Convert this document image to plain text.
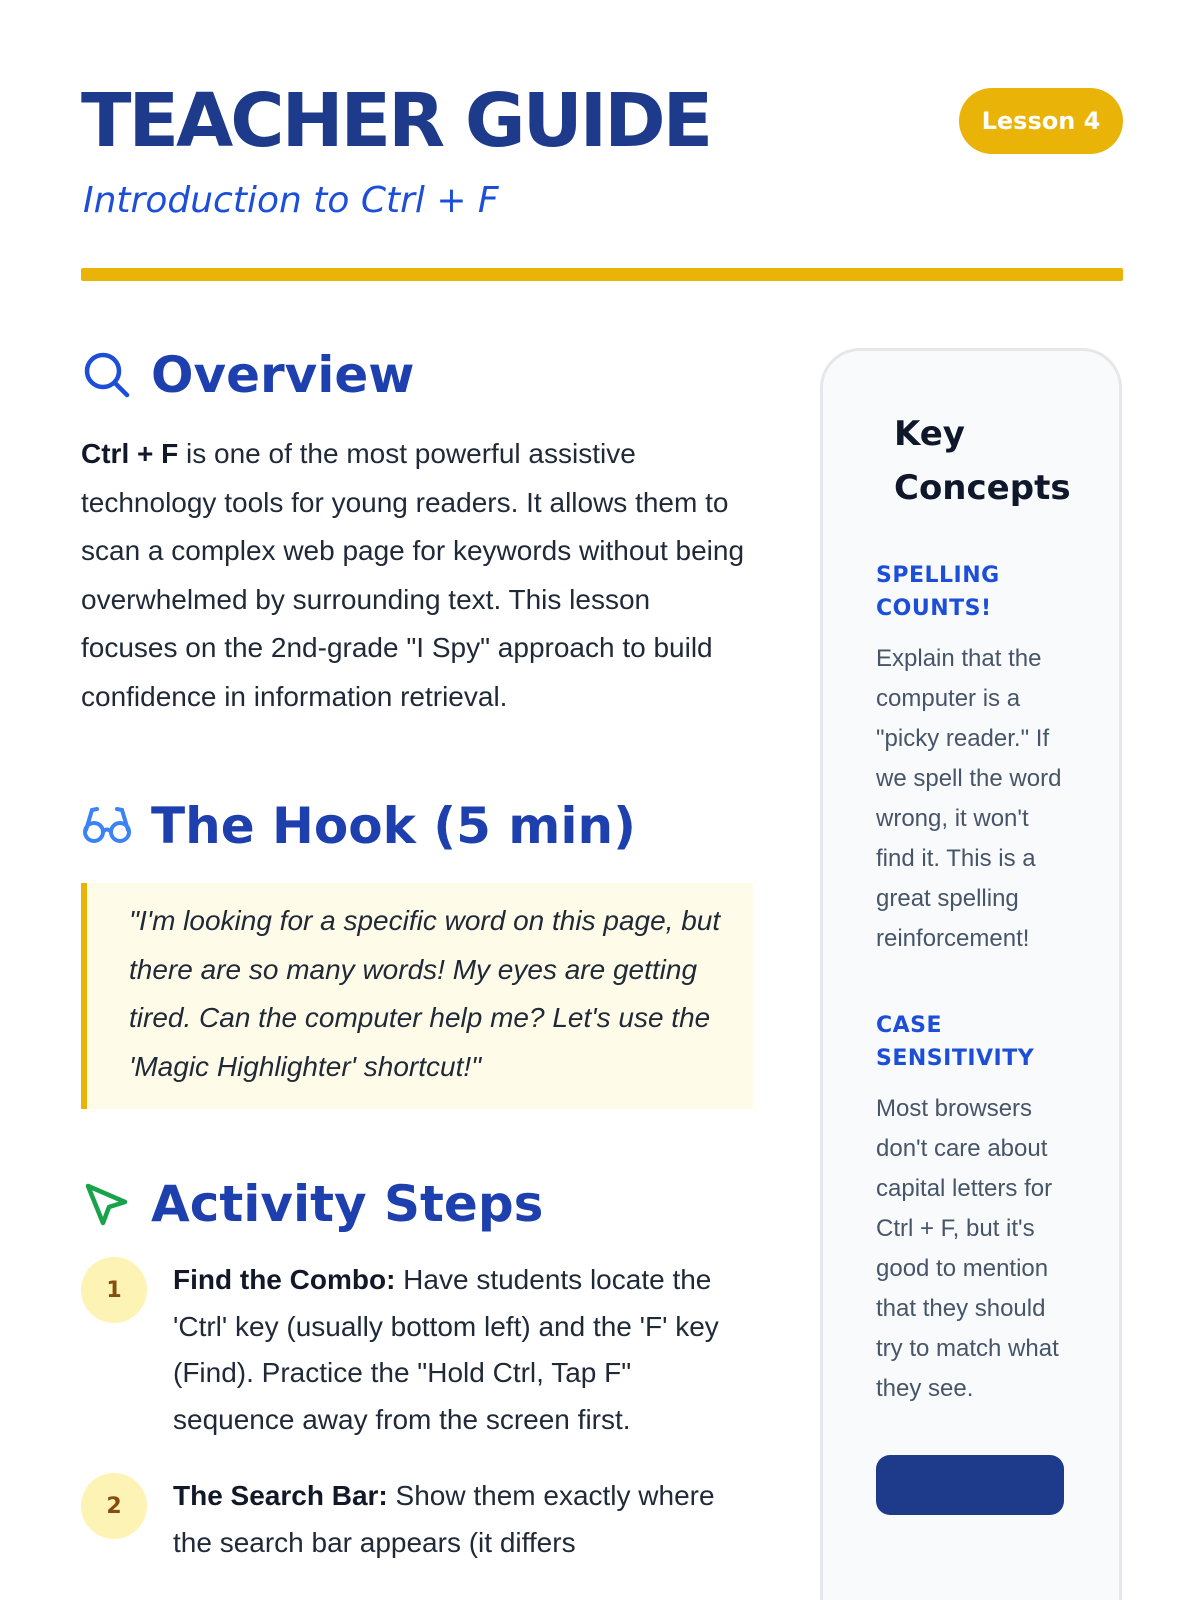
TEACHER GUIDE
Introduction to Ctrl + F
Lesson 4
Overview

Ctrl + F is one of the most powerful assistive technology tools for young readers. It allows them to scan a complex web page for keywords without being overwhelmed by surrounding text. This lesson focuses on the 2nd-grade "I Spy" approach to build confidence in information retrieval.

The Hook (5 min)
"I'm looking for a specific word on this page, but there are so many words! My eyes are getting tired. Can the computer help me? Let's use the 'Magic Highlighter' shortcut!"
Activity Steps
1	Find the Combo: Have students locate the 'Ctrl' key (usually bottom left) and the 'F' key (Find). Practice the "Hold Ctrl, Tap F" sequence away from the screen first.

2	The Search Bar: Show them exactly where the search bar appears (it differs

Key Concepts
SPELLING COUNTS!

Explain that the computer is a "picky reader." If we spell the word wrong, it won't find it. This is a great spelling reinforcement!

CASE SENSITIVITY

Most browsers don't care about capital letters for Ctrl + F, but it's good to mention that they should try to match what they see.
